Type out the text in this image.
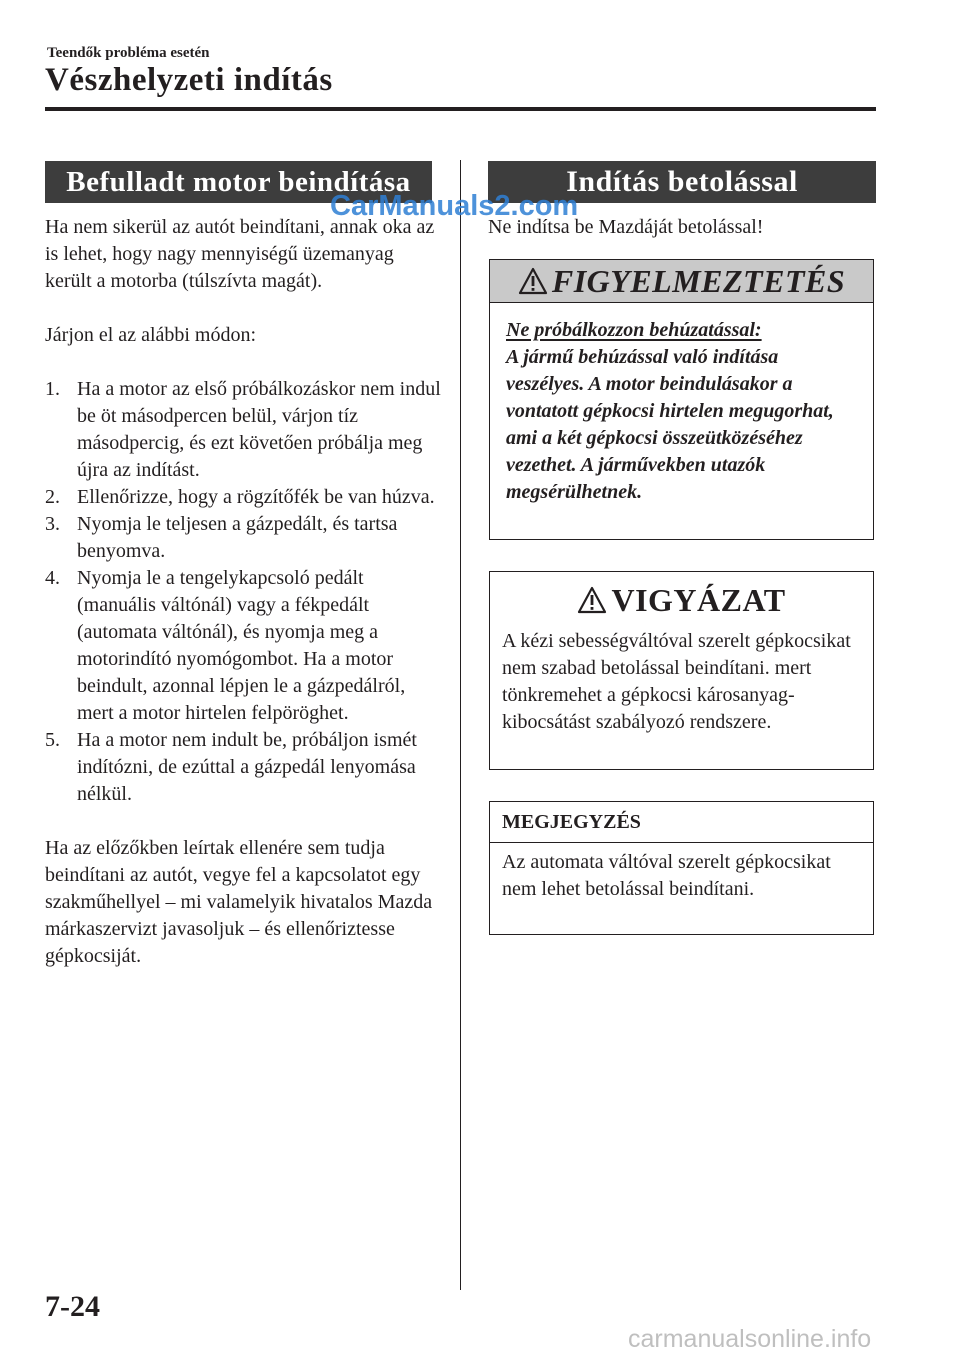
Teendők probléma esetén
Vészhelyzeti indítás
Befulladt motor beindítása

Ha nem sikerül az autót beindítani, annak oka az is lehet, hogy nagy mennyiségű üzemanyag került a motorba (túlszívta magát).

Járjon el az alábbi módon:

1. Ha a motor az első próbálkozáskor nem indul be öt másodpercen belül, várjon tíz másodpercig, és ezt követően próbálja meg újra az indítást.
2. Ellenőrizze, hogy a rögzítőfék be van húzva.
3. Nyomja le teljesen a gázpedált, és tartsa benyomva.
4. Nyomja le a tengelykapcsoló pedált (manuális váltónál) vagy a fékpedált (automata váltónál), és nyomja meg a motorindító nyomógombot. Ha a motor beindult, azonnal lépjen le a gázpedálról, mert a motor hirtelen felpöröghet.
5. Ha a motor nem indult be, próbáljon ismét indítózni, de ezúttal a gázpedál lenyomása nélkül.

Ha az előzőkben leírtak ellenére sem tudja beindítani az autót, vegye fel a kapcsolatot egy szakműhellyel – mi valamelyik hivatalos Mazda márkaszervizt javasoljuk – és ellenőriztesse gépkocsiját.

Indítás betolással
CarManuals2.com
Ne indítsa be Mazdáját betolással!
FIGYELMEZTETÉS
Ne próbálkozzon behúzatással:
A jármű behúzással való indítása veszélyes. A motor beindulásakor a vontatott gépkocsi hirtelen megugorhat, ami a két gépkocsi összeütközéséhez vezethet. A járművekben utazók megsérülhetnek.
VIGYÁZAT
A kézi sebességváltóval szerelt gépkocsikat nem szabad betolással beindítani. mert tönkremehet a gépkocsi károsanyag-kibocsátást szabályozó rendszere.
MEGJEGYZÉS
Az automata váltóval szerelt gépkocsikat nem lehet betolással beindítani.
7-24
carmanualsonline.info
